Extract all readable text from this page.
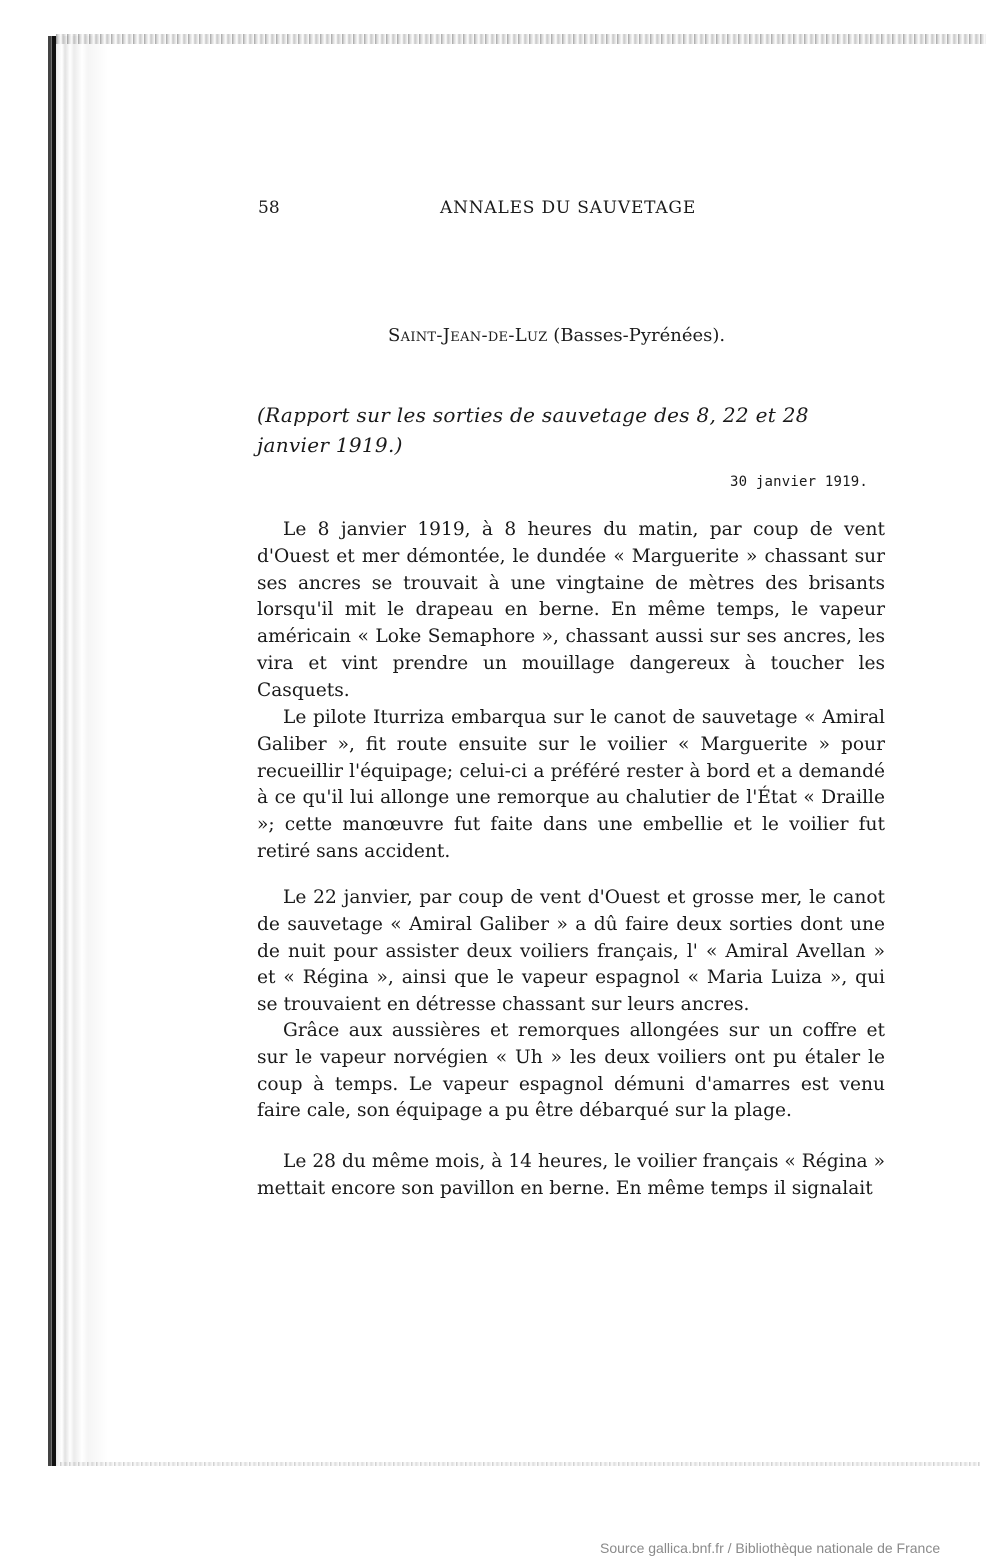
58	ANNALES DU SAUVETAGE
Saint-Jean-de-Luz (Basses-Pyrénées).
(Rapport sur les sorties de sauvetage des 8, 22 et 28 janvier 1919.)
30 janvier 1919.

Le 8 janvier 1919, à 8 heures du matin, par coup de vent d'Ouest et mer démontée, le dundée « Marguerite » chassant sur ses ancres se trouvait à une vingtaine de mètres des brisants lorsqu'il mit le drapeau en berne. En même temps, le vapeur américain « Loke Semaphore », chassant aussi sur ses ancres, les vira et vint prendre un mouillage dangereux à toucher les Casquets.

Le pilote Iturriza embarqua sur le canot de sauvetage « Amiral Galiber », fit route ensuite sur le voilier « Marguerite » pour recueillir l'équipage; celui-ci a préféré rester à bord et a demandé à ce qu'il lui allonge une remorque au chalutier de l'État « Draille »; cette manœuvre fut faite dans une embellie et le voilier fut retiré sans accident.

Le 22 janvier, par coup de vent d'Ouest et grosse mer, le canot de sauvetage « Amiral Galiber » a dû faire deux sorties dont une de nuit pour assister deux voiliers français, l' « Amiral Avellan » et « Régina », ainsi que le vapeur espagnol « Maria Luiza », qui se trouvaient en détresse chassant sur leurs ancres.

Grâce aux aussières et remorques allongées sur un coffre et sur le vapeur norvégien « Uh » les deux voiliers ont pu étaler le coup à temps. Le vapeur espagnol démuni d'amarres est venu faire cale, son équipage a pu être débarqué sur la plage.

Le 28 du même mois, à 14 heures, le voilier français « Régina » mettait encore son pavillon en berne. En même temps il signalait

Source gallica.bnf.fr / Bibliothèque nationale de France
